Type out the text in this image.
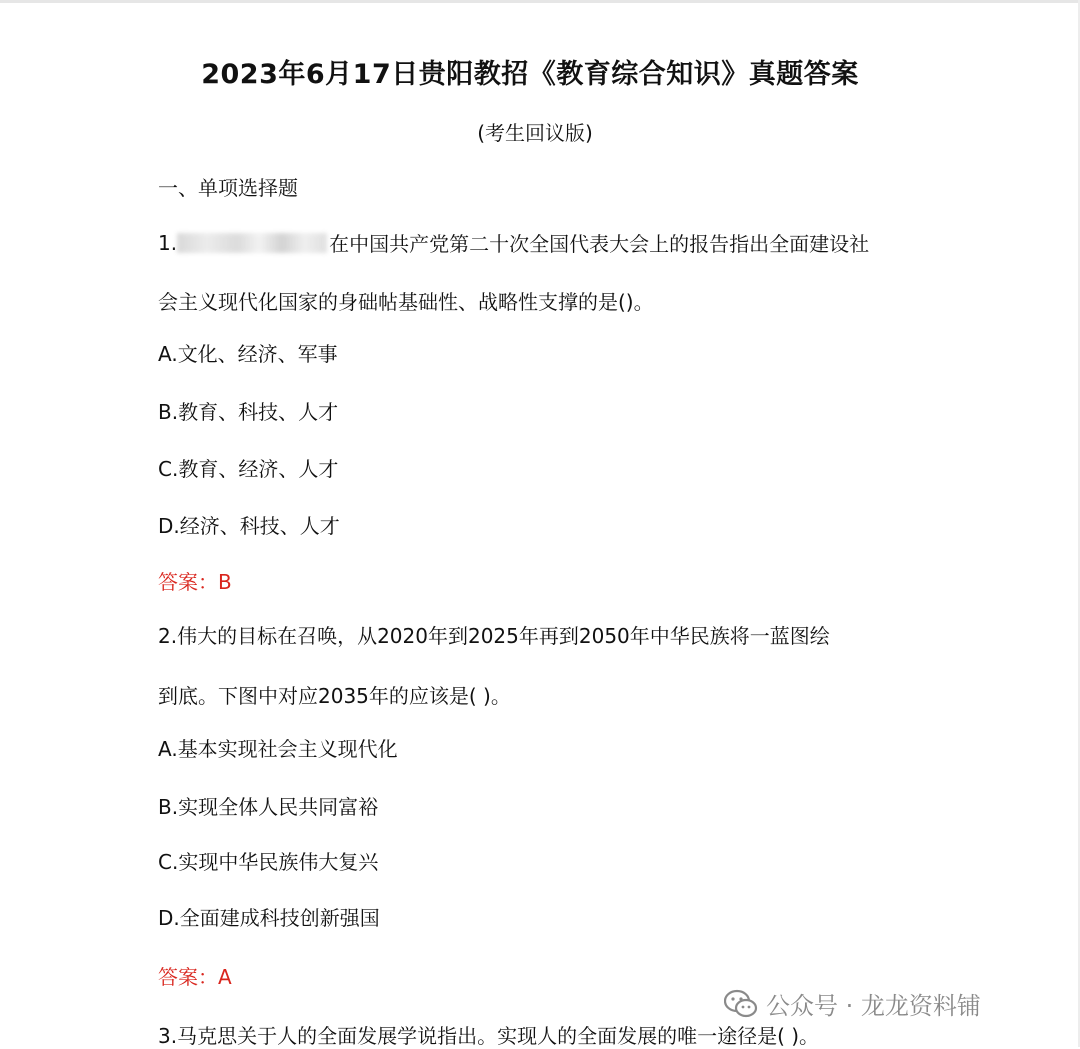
2023年6月17日贵阳教招《教育综合知识》真题答案
(考生回议版)
一、单项选择题
1.	在中国共产党第二十次全国代表大会上的报告指出全面建设社
会主义现代化国家的身础帖基础性、战略性支撑的是()。
A.文化、经济、军事
B.教育、科技、人才
C.教育、经济、人才
D.经济、科技、人才
答案：B
2.伟大的目标在召唤，从2020年到2025年再到2050年中华民族将一蓝图绘
到底。下图中对应2035年的应该是( )。
A.基本实现社会主义现代化
B.实现全体人民共同富裕
C.实现中华民族伟大复兴
D.全面建成科技创新强国
答案：A
3.马克思关于人的全面发展学说指出。实现人的全面发展的唯一途径是( )。
公众号 · 龙龙资料铺
